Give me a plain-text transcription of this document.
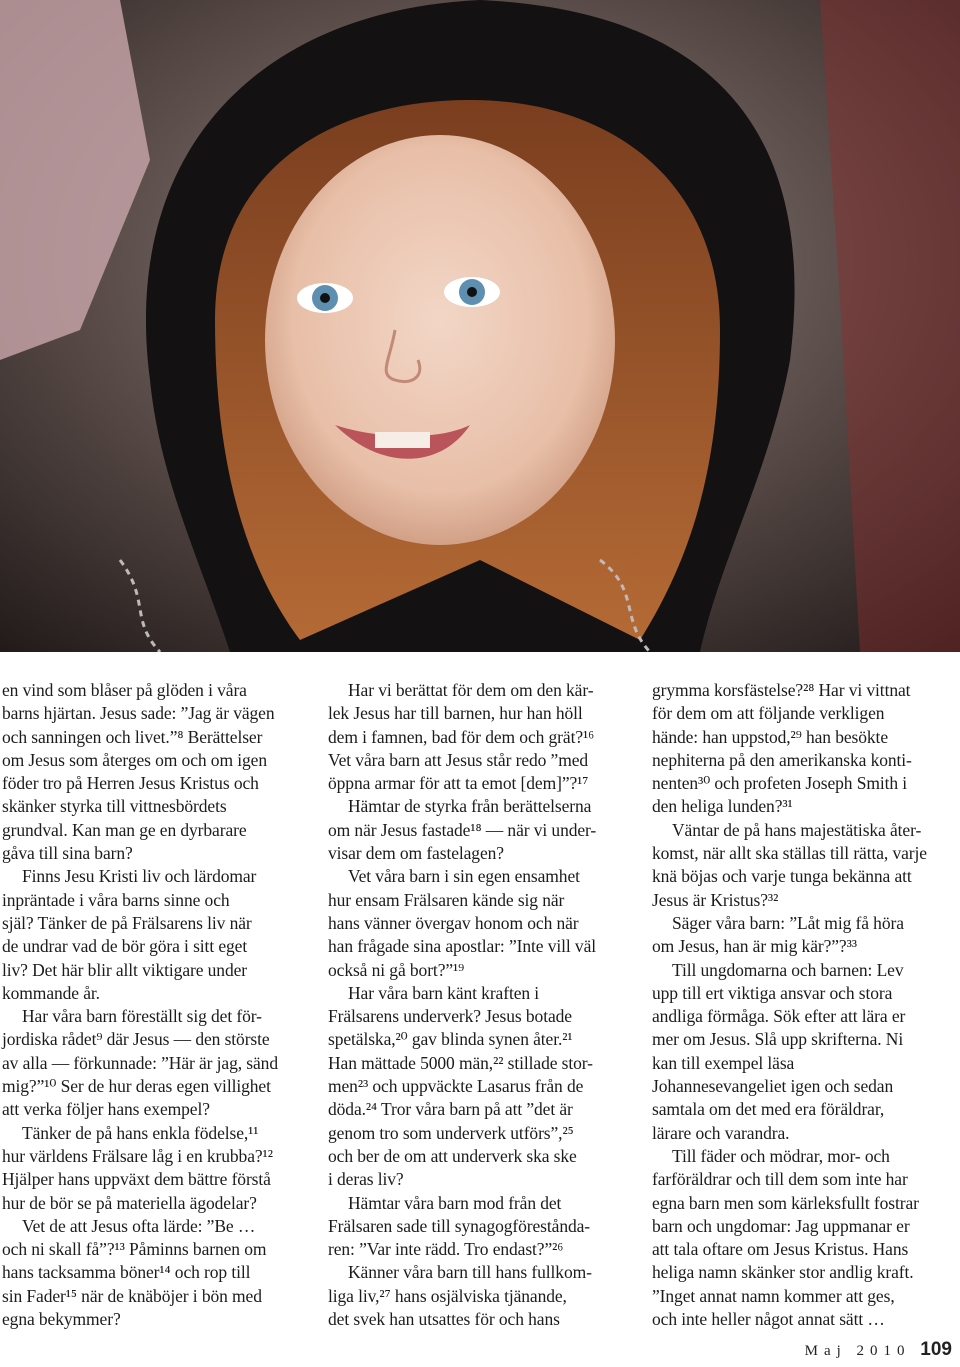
en vind som blåser på glöden i våra

barns hjärtan. Jesus sade: ”Jag är vägen

och sanningen och livet.”⁸ Berättelser

om Jesus som återges om och om igen

föder tro på Herren Jesus Kristus och

skänker styrka till vittnesbördets

grundval. Kan man ge en dyrbarare

gåva till sina barn?

Finns Jesu Kristi liv och lärdomar

inpräntade i våra barns sinne och

själ? Tänker de på Frälsarens liv när

de undrar vad de bör göra i sitt eget

liv? Det här blir allt viktigare under

kommande år.

Har våra barn föreställt sig det för-

jordiska rådet⁹ där Jesus — den störste

av alla — förkunnade: ”Här är jag, sänd

mig?”¹⁰ Ser de hur deras egen villighet

att verka följer hans exempel?

Tänker de på hans enkla födelse,¹¹

hur världens Frälsare låg i en krubba?¹²

Hjälper hans uppväxt dem bättre förstå

hur de bör se på materiella ägodelar?

Vet de att Jesus ofta lärde: ”Be …

och ni skall få”?¹³ Påminns barnen om

hans tacksamma böner¹⁴ och rop till

sin Fader¹⁵ när de knäböjer i bön med

egna bekymmer?

Har vi berättat för dem om den kär-

lek Jesus har till barnen, hur han höll

dem i famnen, bad för dem och grät?¹⁶

Vet våra barn att Jesus står redo ”med

öppna armar för att ta emot [dem]”?¹⁷

Hämtar de styrka från berättelserna

om när Jesus fastade¹⁸ — när vi under-

visar dem om fastelagen?

Vet våra barn i sin egen ensamhet

hur ensam Frälsaren kände sig när

hans vänner övergav honom och när

han frågade sina apostlar: ”Inte vill väl

också ni gå bort?”¹⁹

Har våra barn känt kraften i

Frälsarens underverk? Jesus botade

spetälska,²⁰ gav blinda synen åter.²¹

Han mättade 5000 män,²² stillade stor-

men²³ och uppväckte Lasarus från de

döda.²⁴ Tror våra barn på att ”det är

genom tro som underverk utförs”,²⁵

och ber de om att underverk ska ske

i deras liv?

Hämtar våra barn mod från det

Frälsaren sade till synagogförestånda-

ren: ”Var inte rädd. Tro endast?”²⁶

Känner våra barn till hans fullkom-

liga liv,²⁷ hans osjälviska tjänande,

det svek han utsattes för och hans

grymma korsfästelse?²⁸ Har vi vittnat

för dem om att följande verkligen

hände: han uppstod,²⁹ han besökte

nephiterna på den amerikanska konti-

nenten³⁰ och profeten Joseph Smith i

den heliga lunden?³¹

Väntar de på hans majestätiska åter-

komst, när allt ska ställas till rätta, varje

knä böjas och varje tunga bekänna att

Jesus är Kristus?³²

Säger våra barn: ”Låt mig få höra

om Jesus, han är mig kär?”?³³

Till ungdomarna och barnen: Lev

upp till ert viktiga ansvar och stora

andliga förmåga. Sök efter att lära er

mer om Jesus. Slå upp skrifterna. Ni

kan till exempel läsa

Johannesevangeliet igen och sedan

samtala om det med era föräldrar,

lärare och varandra.

Till fäder och mödrar, mor- och

farföräldrar och till dem som inte har

egna barn men som kärleksfullt fostrar

barn och ungdomar: Jag uppmanar er

att tala oftare om Jesus Kristus. Hans

heliga namn skänker stor andlig kraft.

”Inget annat namn kommer att ges,

och inte heller något annat sätt …

Maj 2010 109
